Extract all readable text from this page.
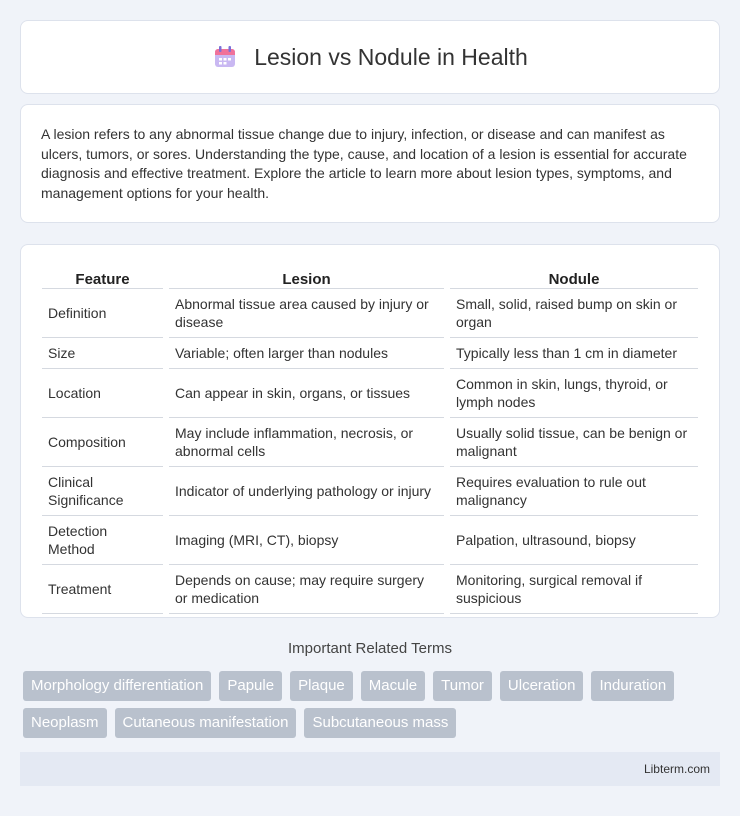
Lesion vs Nodule in Health

A lesion refers to any abnormal tissue change due to injury, infection, or disease and can manifest as ulcers, tumors, or sores. Understanding the type, cause, and location of a lesion is essential for accurate diagnosis and effective treatment. Explore the article to learn more about lesion types, symptoms, and management options for your health.

Feature		Lesion		Nodule
Definition		Abnormal tissue area caused by injury or disease		Small, solid, raised bump on skin or organ
Size		Variable; often larger than nodules		Typically less than 1 cm in diameter
Location		Can appear in skin, organs, or tissues		Common in skin, lungs, thyroid, or lymph nodes
Composition		May include inflammation, necrosis, or abnormal cells		Usually solid tissue, can be benign or malignant
Clinical Significance		Indicator of underlying pathology or injury		Requires evaluation to rule out malignancy
Detection Method		Imaging (MRI, CT), biopsy		Palpation, ultrasound, biopsy
Treatment		Depends on cause; may require surgery or medication		Monitoring, surgical removal if suspicious
Important Related Terms
Morphology differentiation	Papule	Plaque	Macule	Tumor	Ulceration	Induration
Neoplasm	Cutaneous manifestation	Subcutaneous mass
Libterm.com
